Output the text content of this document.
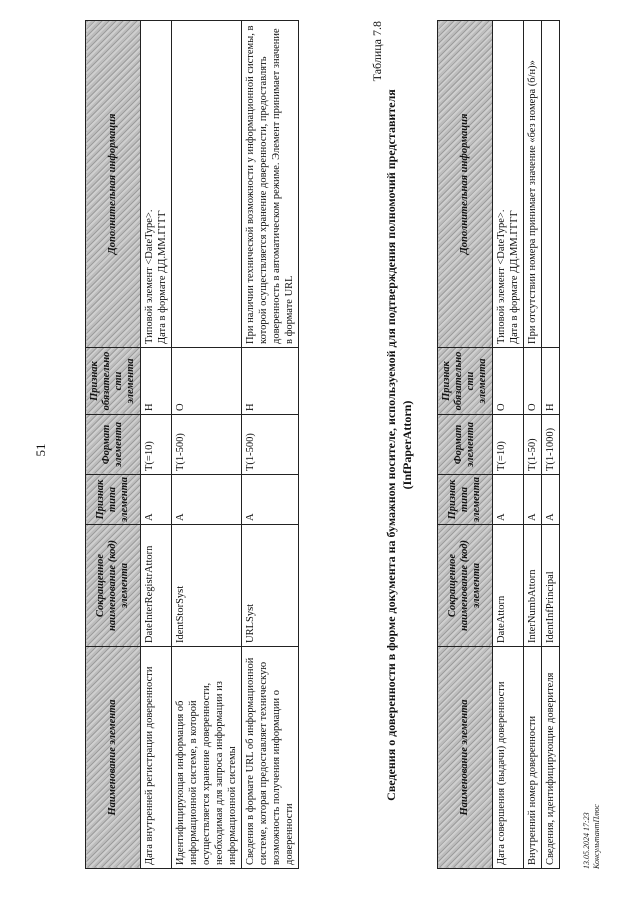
51
Наименование элемента	Сокращенное наименование (код) элемента	Признак типа элемента	Формат элемента	Признак обязательности элемента	Дополнительная информация
Дата внутренней регистрации доверенности	DateInterRegistrAttorn	А	T(=10)	Н	Типовой элемент <DateType>. Дата в формате ДД.ММ.ГГГГ
Идентифицирующая информация об информационной системе, в которой осуществляется хранение доверенности, необходимая для запроса информации из информационной системы	IdentStorSyst	А	T(1-500)	О	
Сведения в формате URL об информационной системе, которая предоставляет техническую возможность получения информации о доверенности	URLSyst	А	T(1-500)	Н	При наличии технической возможности у информационной системы, в которой осуществляется хранение доверенности, предоставлять доверенность в автоматическом режиме. Элемент принимает значение в формате URL
Таблица 7.8
Сведения о доверенности в форме документа на бумажном носителе, используемой для подтверждения полномочий представителя (InfPaperAttorn)
Наименование элемента	Сокращенное наименование (код) элемента	Признак типа элемента	Формат элемента	Признак обязательности элемента	Дополнительная информация
Дата совершения (выдачи) доверенности	DateAttorn	А	T(=10)	О	Типовой элемент <DateType>. Дата в формате ДД.ММ.ГГГГ
Внутренний номер доверенности	InterNumbAttorn	А	T(1-50)	О	При отсутствии номера принимает значение «без номера (б/н)»
Сведения, идентифицирующие доверителя	IdentInfPrincipal	А	T(1-1000)	Н	
13.05.2024 17:23 КонсультантПлюс
